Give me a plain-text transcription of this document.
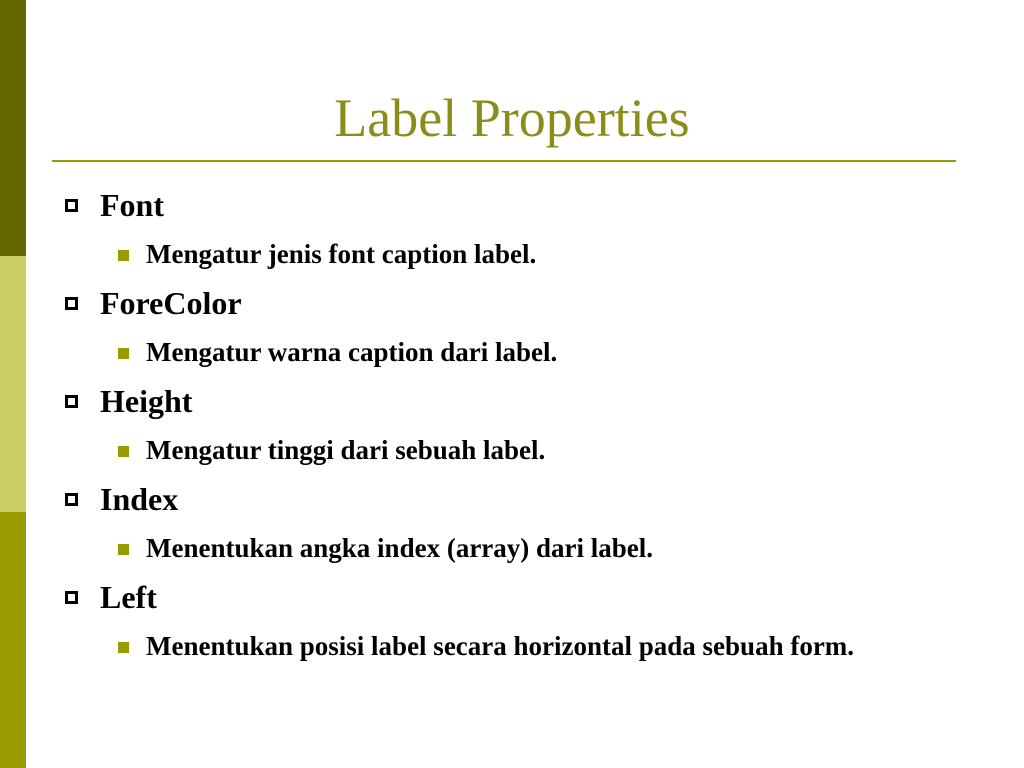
Label Properties
Font
Mengatur jenis font caption label.
ForeColor
Mengatur warna caption dari label.
Height
Mengatur tinggi dari sebuah label.
Index
Menentukan angka index (array) dari label.
Left
Menentukan posisi label secara horizontal pada sebuah form.
